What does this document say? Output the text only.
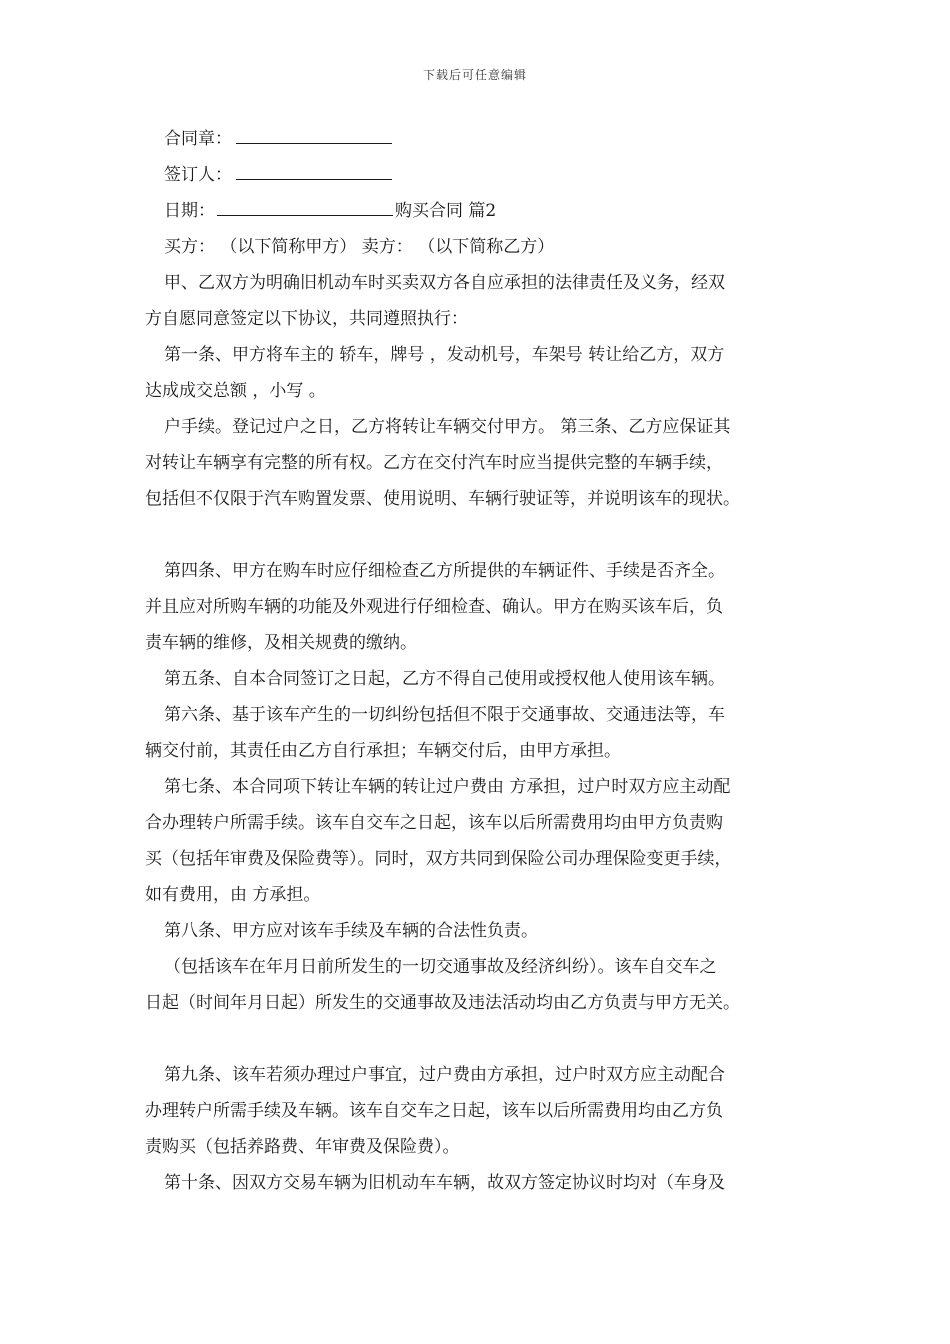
下载后可任意编辑
合同章：
签订人：
日期：	购买合同 篇2
买方： （以下简称甲方） 卖方： （以下简称乙方）
甲、乙双方为明确旧机动车时买卖双方各自应承担的法律责任及义务，经双
方自愿同意签定以下协议，共同遵照执行：
第一条、甲方将车主的 轿车，牌号 ，发动机号，车架号 转让给乙方，双方
达成成交总额 ，小写 。
户手续。登记过户之日，乙方将转让车辆交付甲方。 第三条、乙方应保证其
对转让车辆享有完整的所有权。乙方在交付汽车时应当提供完整的车辆手续，
包括但不仅限于汽车购置发票、使用说明、车辆行驶证等，并说明该车的现状。
第四条、甲方在购车时应仔细检查乙方所提供的车辆证件、手续是否齐全。
并且应对所购车辆的功能及外观进行仔细检查、确认。甲方在购买该车后，负
责车辆的维修，及相关规费的缴纳。
第五条、自本合同签订之日起，乙方不得自己使用或授权他人使用该车辆。
第六条、基于该车产生的一切纠纷包括但不限于交通事故、交通违法等，车
辆交付前，其责任由乙方自行承担；车辆交付后，由甲方承担。
第七条、本合同项下转让车辆的转让过户费由 方承担，过户时双方应主动配
合办理转户所需手续。该车自交车之日起，该车以后所需费用均由甲方负责购
买（包括年审费及保险费等）。同时，双方共同到保险公司办理保险变更手续，
如有费用，由 方承担。
第八条、甲方应对该车手续及车辆的合法性负责。
（包括该车在年月日前所发生的一切交通事故及经济纠纷）。该车自交车之
日起（时间年月日起）所发生的交通事故及违法活动均由乙方负责与甲方无关。
第九条、该车若须办理过户事宜，过户费由方承担，过户时双方应主动配合
办理转户所需手续及车辆。该车自交车之日起，该车以后所需费用均由乙方负
责购买（包括养路费、年审费及保险费）。
第十条、因双方交易车辆为旧机动车车辆，故双方签定协议时均对（车身及
